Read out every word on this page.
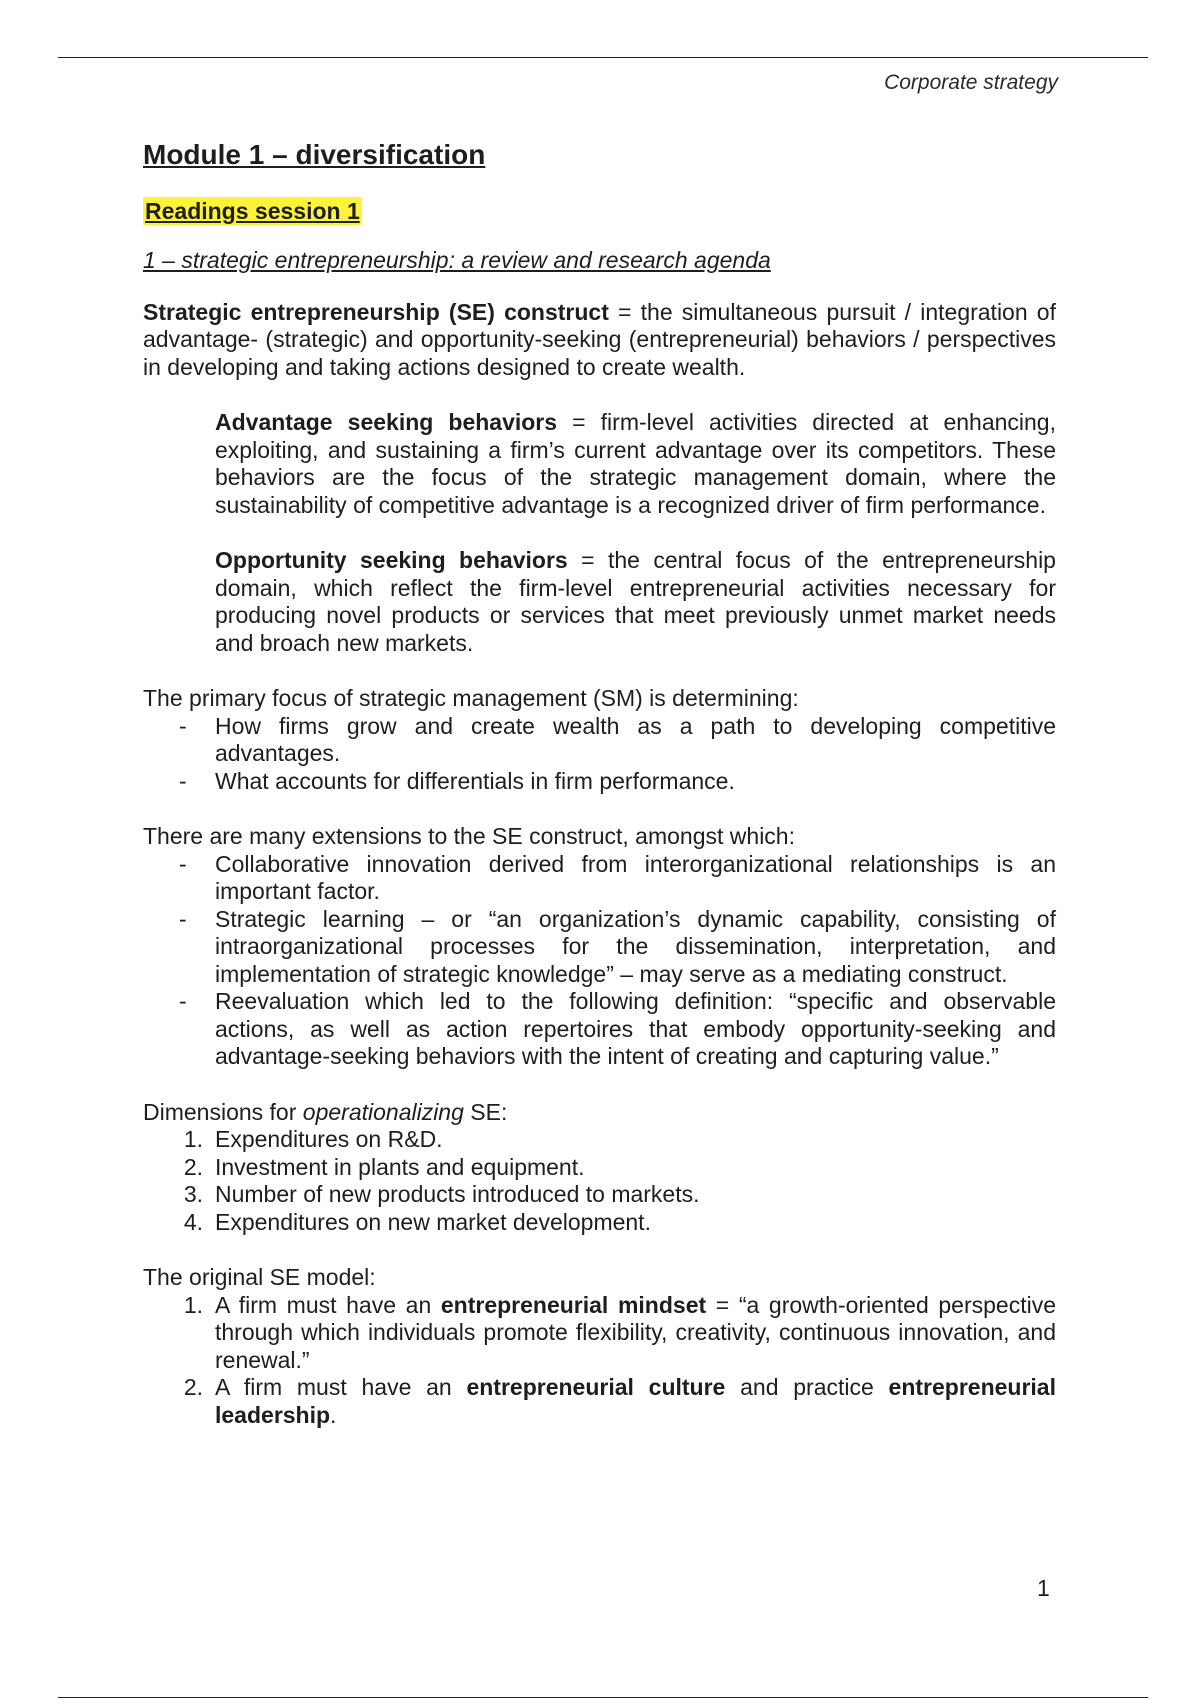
Corporate strategy
Module 1 – diversification
Readings session 1
1 – strategic entrepreneurship: a review and research agenda

Strategic entrepreneurship (SE) construct = the simultaneous pursuit / integration of advantage- (strategic) and opportunity-seeking (entrepreneurial) behaviors / perspectives in developing and taking actions designed to create wealth.

Advantage seeking behaviors = firm-level activities directed at enhancing, exploiting, and sustaining a firm’s current advantage over its competitors. These behaviors are the focus of the strategic management domain, where the sustainability of competitive advantage is a recognized driver of firm performance.

Opportunity seeking behaviors = the central focus of the entrepreneurship domain, which reflect the firm-level entrepreneurial activities necessary for producing novel products or services that meet previously unmet market needs and broach new markets.

The primary focus of strategic management (SM) is determining:

- How firms grow and create wealth as a path to developing competitive advantages.
- What accounts for differentials in firm performance.

There are many extensions to the SE construct, amongst which:

- Collaborative innovation derived from interorganizational relationships is an important factor.
- Strategic learning – or “an organization’s dynamic capability, consisting of intraorganizational processes for the dissemination, interpretation, and implementation of strategic knowledge” – may serve as a mediating construct.
- Reevaluation which led to the following definition: “specific and observable actions, as well as action repertoires that embody opportunity-seeking and advantage-seeking behaviors with the intent of creating and capturing value.”

Dimensions for operationalizing SE:

1. Expenditures on R&D.
2. Investment in plants and equipment.
3. Number of new products introduced to markets.
4. Expenditures on new market development.

The original SE model:

1. A firm must have an entrepreneurial mindset = “a growth-oriented perspective through which individuals promote flexibility, creativity, continuous innovation, and renewal.”
2. A firm must have an entrepreneurial culture and practice entrepreneurial leadership.
1
